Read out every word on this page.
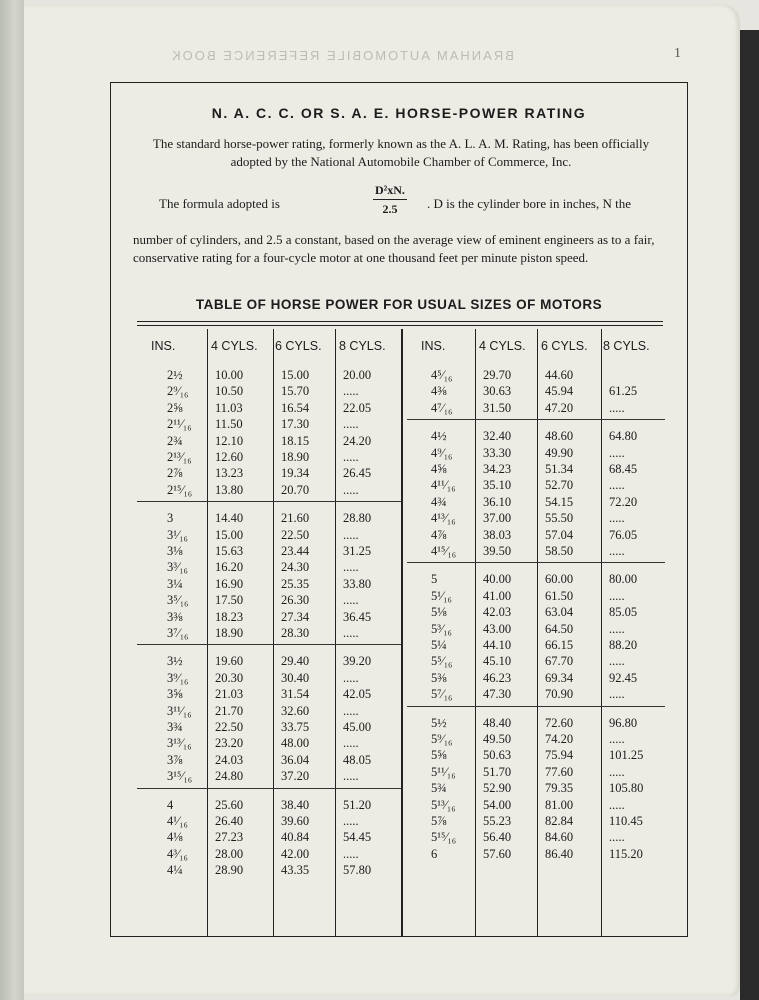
BRANHAM AUTOMOBILE REFERENCE BOOK	1
N. A. C. C. OR S. A. E. HORSE-POWER RATING
The standard horse-power rating, formerly known as the A. L. A. M. Rating, has been officially adopted by the National Automobile Chamber of Commerce, Inc.
The formula adopted is	$\frac{\text{D²xN.}}{2.5}$ . D is the cylinder bore in inches, N the
number of cylinders, and 2.5 a constant, based on the average view of eminent engineers as to a fair, conservative rating for a four-cycle motor at one thousand feet per minute piston speed.
TABLE OF HORSE POWER FOR USUAL SIZES OF MOTORS
INS.	4 CYLS. 6 CYLS. 8 CYLS.	INS.	4 CYLS. 6 CYLS. 8 CYLS.
2½	10.00	15.00	20.00
2⁹⁄₁₆ 10.50	15.70	.....
2⅝	11.03	16.54	22.05
2¹¹⁄₁₆ 11.50	17.30	.....
2¾	12.10	18.15	24.20
2¹³⁄₁₆ 12.60	18.90	.....
2⅞	13.23	19.34	26.45
2¹⁵⁄₁₆ 13.80	20.70	.....
3	14.40	21.60	28.80
3¹⁄₁₆ 15.00	22.50	.....
3⅛	15.63	23.44	31.25
3³⁄₁₆ 16.20	24.30	.....
3¼	16.90	25.35	33.80
3⁵⁄₁₆ 17.50	26.30	.....
3⅜	18.23	27.34	36.45
3⁷⁄₁₆ 18.90	28.30	.....
3½	19.60	29.40	39.20
3⁹⁄₁₆ 20.30	30.40	.....
3⅝	21.03	31.54	42.05
3¹¹⁄₁₆ 21.70	32.60	.....
3¾	22.50	33.75	45.00
3¹³⁄₁₆ 23.20	48.00	.....
3⅞	24.03	36.04	48.05
3¹⁵⁄₁₆ 24.80	37.20	.....
4	25.60	38.40	51.20
4¹⁄₁₆ 26.40	39.60	.....
4⅛	27.23	40.84	54.45
4³⁄₁₆ 28.00	42.00	.....
4¼	28.90	43.35	57.80
4⁵⁄₁₆ 29.70	44.60
4⅜	30.63	45.94	61.25
4⁷⁄₁₆ 31.50	47.20	.....
4½	32.40	48.60	64.80
4⁹⁄₁₆ 33.30	49.90	.....
4⅝	34.23	51.34	68.45
4¹¹⁄₁₆ 35.10	52.70	.....
4¾	36.10	54.15	72.20
4¹³⁄₁₆ 37.00	55.50	.....
4⅞	38.03	57.04	76.05
4¹⁵⁄₁₆ 39.50	58.50	.....
5	40.00	60.00	80.00
5¹⁄₁₆ 41.00	61.50	.....
5⅛	42.03	63.04	85.05
5³⁄₁₆ 43.00	64.50	.....
5¼	44.10	66.15	88.20
5⁵⁄₁₆ 45.10	67.70	.....
5⅜	46.23	69.34	92.45
5⁷⁄₁₆ 47.30	70.90	.....
5½	48.40	72.60	96.80
5⁹⁄₁₆ 49.50	74.20	.....
5⅝	50.63	75.94	101.25
5¹¹⁄₁₆ 51.70	77.60	.....
5¾	52.90	79.35	105.80
5¹³⁄₁₆ 54.00	81.00	.....
5⅞	55.23	82.84	110.45
5¹⁵⁄₁₆ 56.40	84.60	.....
6	57.60	86.40	115.20
